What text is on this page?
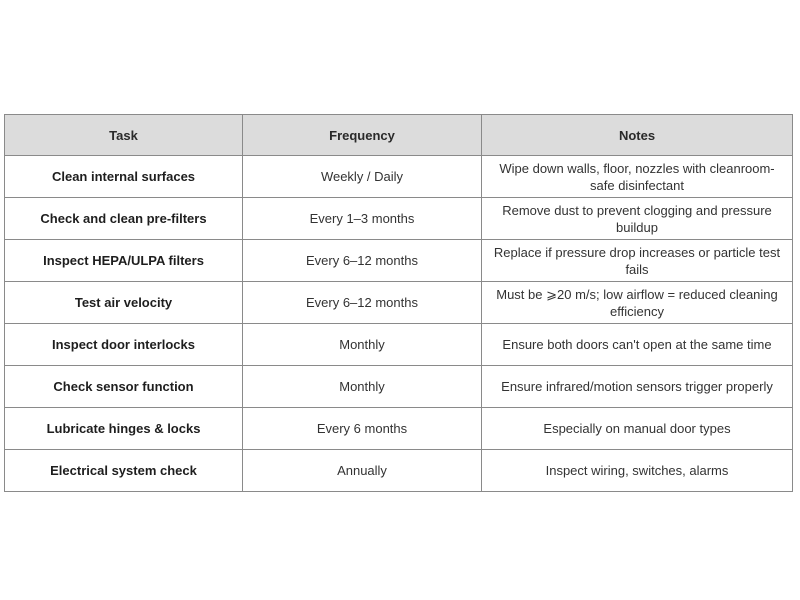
Task	Frequency	Notes
Clean internal surfaces	Weekly / Daily	Wipe down walls, floor, nozzles with cleanroom-safe disinfectant
Check and clean pre-filters	Every 1–3 months	Remove dust to prevent clogging and pressure buildup
Inspect HEPA/ULPA filters	Every 6–12 months	Replace if pressure drop increases or particle test fails
Test air velocity	Every 6–12 months	Must be ⩾20 m/s; low airflow = reduced cleaning efficiency
Inspect door interlocks	Monthly	Ensure both doors can't open at the same time
Check sensor function	Monthly	Ensure infrared/motion sensors trigger properly
Lubricate hinges & locks	Every 6 months	Especially on manual door types
Electrical system check	Annually	Inspect wiring, switches, alarms
